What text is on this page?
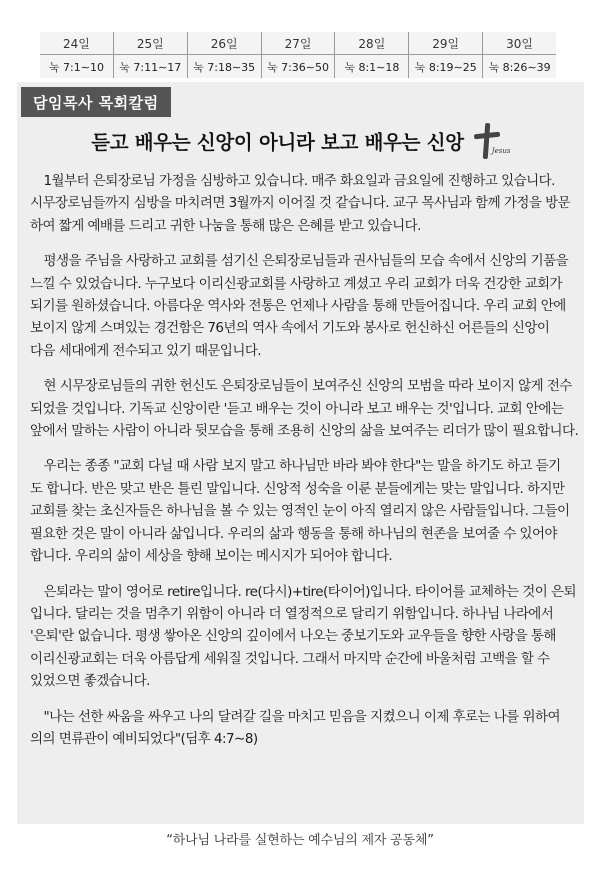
24일
눅 7:1∼10
25일
눅 7:11∼17
26일
눅 7:18∼35
27일
눅 7:36∼50
28일
눅 8:1∼18
29일
눅 8:19∼25
30일
눅 8:26∼39
담임목사 목회칼럼
듣고 배우는 신앙이 아니라 보고 배우는 신앙	Jesus

1월부터 은퇴장로님 가정을 심방하고 있습니다. 매주 화요일과 금요일에 진행하고 있습니다.
시무장로님들까지 심방을 마치려면 3월까지 이어질 것 같습니다. 교구 목사님과 함께 가정을 방문
하여 짧게 예배를 드리고 귀한 나눔을 통해 많은 은혜를 받고 있습니다.

평생을 주님을 사랑하고 교회를 섬기신 은퇴장로님들과 권사님들의 모습 속에서 신앙의 기품을
느낄 수 있었습니다. 누구보다 이리신광교회를 사랑하고 계셨고 우리 교회가 더욱 건강한 교회가
되기를 원하셨습니다. 아름다운 역사와 전통은 언제나 사람을 통해 만들어집니다. 우리 교회 안에
보이지 않게 스며있는 경건함은 76년의 역사 속에서 기도와 봉사로 헌신하신 어른들의 신앙이
다음 세대에게 전수되고 있기 때문입니다.

현 시무장로님들의 귀한 헌신도 은퇴장로님들이 보여주신 신앙의 모범을 따라 보이지 않게 전수
되었을 것입니다. 기독교 신앙이란 '듣고 배우는 것이 아니라 보고 배우는 것'입니다. 교회 안에는
앞에서 말하는 사람이 아니라 뒷모습을 통해 조용히 신앙의 삶을 보여주는 리더가 많이 필요합니다.

우리는 종종 "교회 다닐 때 사람 보지 말고 하나님만 바라 봐야 한다"는 말을 하기도 하고 듣기
도 합니다. 반은 맞고 반은 틀린 말입니다. 신앙적 성숙을 이룬 분들에게는 맞는 말입니다. 하지만
교회를 찾는 초신자들은 하나님을 볼 수 있는 영적인 눈이 아직 열리지 않은 사람들입니다. 그들이
필요한 것은 말이 아니라 삶입니다. 우리의 삶과 행동을 통해 하나님의 현존을 보여줄 수 있어야
합니다. 우리의 삶이 세상을 향해 보이는 메시지가 되어야 합니다.

은퇴라는 말이 영어로 retire입니다. re(다시)+tire(타이어)입니다. 타이어를 교체하는 것이 은퇴
입니다. 달리는 것을 멈추기 위함이 아니라 더 열정적으로 달리기 위함입니다. 하나님 나라에서
'은퇴'란 없습니다. 평생 쌓아온 신앙의 깊이에서 나오는 중보기도와 교우들을 향한 사랑을 통해
이리신광교회는 더욱 아름답게 세워질 것입니다. 그래서 마지막 순간에 바울처럼 고백을 할 수
있었으면 좋겠습니다.

"나는 선한 싸움을 싸우고 나의 달려갈 길을 마치고 믿음을 지켰으니 이제 후로는 나를 위하여
의의 면류관이 예비되었다"(딤후 4:7∼8)

“하나님 나라를 실현하는 예수님의 제자 공동체”
